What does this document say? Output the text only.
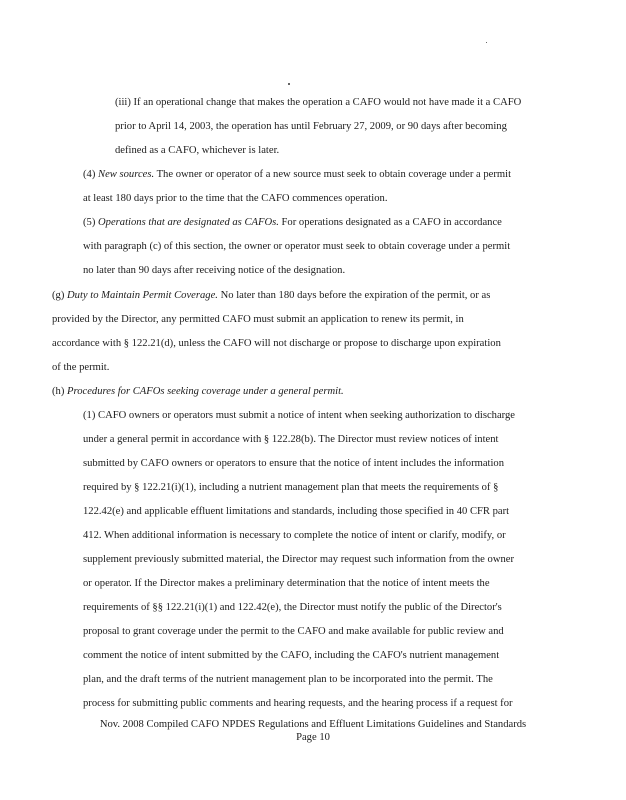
(iii) If an operational change that makes the operation a CAFO would not have made it a CAFO
prior to April 14, 2003, the operation has until February 27, 2009, or 90 days after becoming
defined as a CAFO, whichever is later.
(4) New sources. The owner or operator of a new source must seek to obtain coverage under a permit
at least 180 days prior to the time that the CAFO commences operation.
(5) Operations that are designated as CAFOs. For operations designated as a CAFO in accordance
with paragraph (c) of this section, the owner or operator must seek to obtain coverage under a permit
no later than 90 days after receiving notice of the designation.
(g) Duty to Maintain Permit Coverage. No later than 180 days before the expiration of the permit, or as
provided by the Director, any permitted CAFO must submit an application to renew its permit, in
accordance with § 122.21(d), unless the CAFO will not discharge or propose to discharge upon expiration
of the permit.
(h) Procedures for CAFOs seeking coverage under a general permit.
(1) CAFO owners or operators must submit a notice of intent when seeking authorization to discharge
under a general permit in accordance with § 122.28(b). The Director must review notices of intent
submitted by CAFO owners or operators to ensure that the notice of intent includes the information
required by § 122.21(i)(1), including a nutrient management plan that meets the requirements of §
122.42(e) and applicable effluent limitations and standards, including those specified in 40 CFR part
412. When additional information is necessary to complete the notice of intent or clarify, modify, or
supplement previously submitted material, the Director may request such information from the owner
or operator. If the Director makes a preliminary determination that the notice of intent meets the
requirements of §§ 122.21(i)(1) and 122.42(e), the Director must notify the public of the Director's
proposal to grant coverage under the permit to the CAFO and make available for public review and
comment the notice of intent submitted by the CAFO, including the CAFO's nutrient management
plan, and the draft terms of the nutrient management plan to be incorporated into the permit. The
process for submitting public comments and hearing requests, and the hearing process if a request for
Nov. 2008 Compiled CAFO NPDES Regulations and Effluent Limitations Guidelines and Standards
Page 10
